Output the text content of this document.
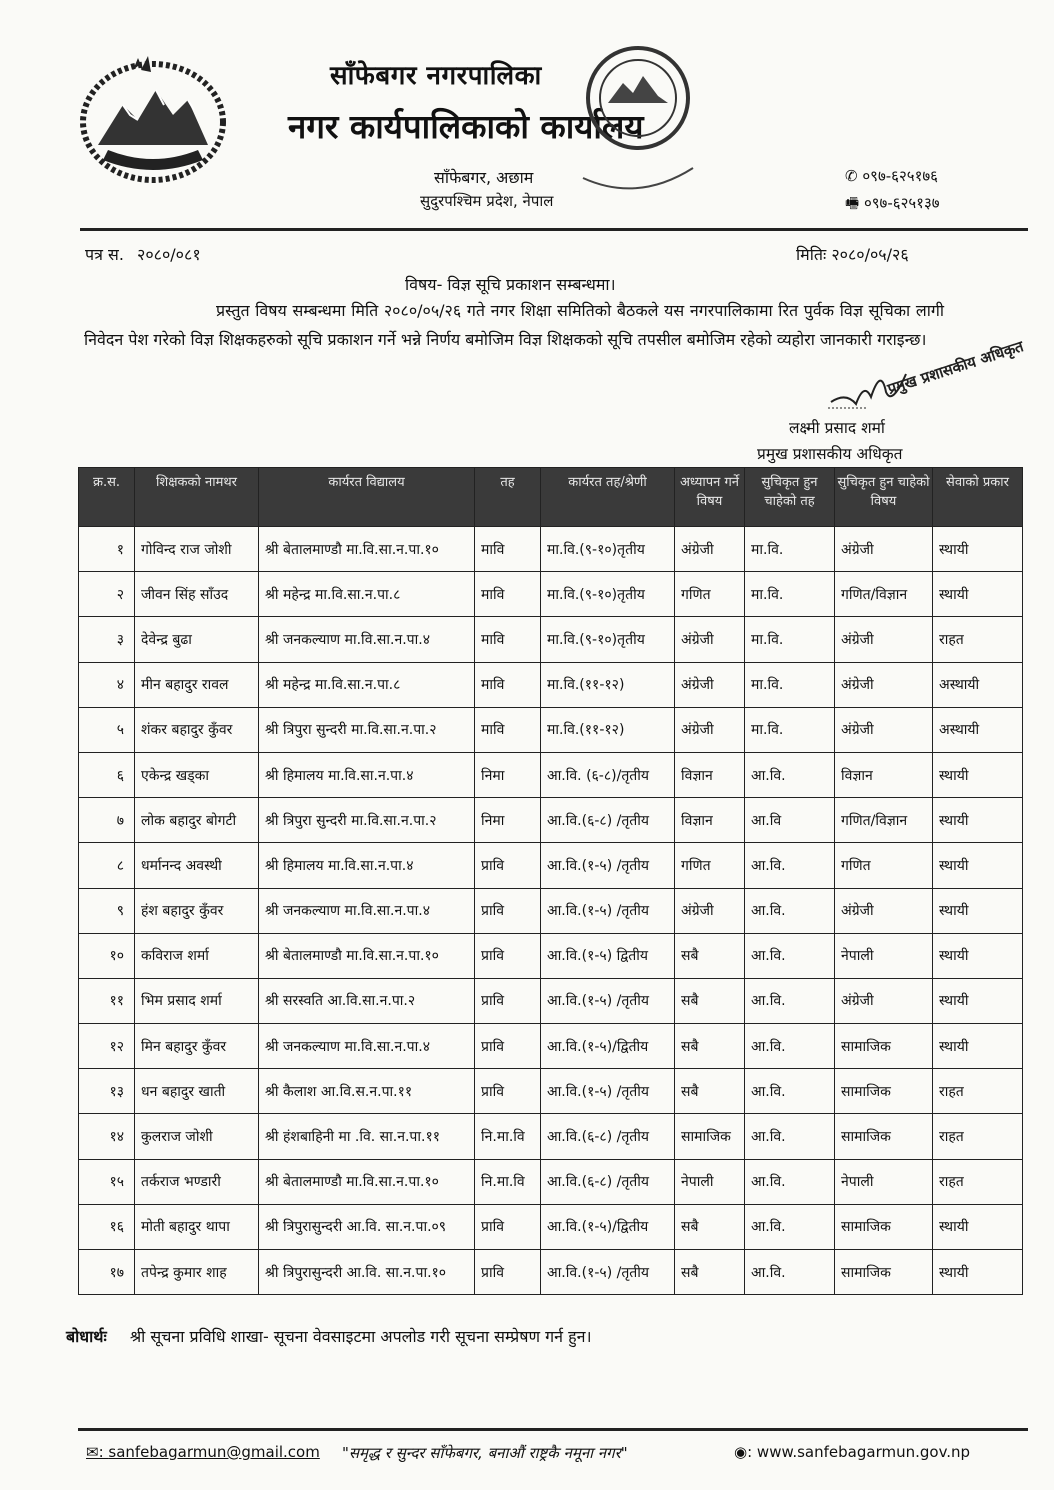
साँफेबगर नगरपालिका
नगर कार्यपालिकाको कार्यालय
साँफेबगर, अछाम
सुदुरपश्चिम प्रदेश, नेपाल
✆ ०९७-६२५१७६
🖷 ०९७-६२५१३७
पत्र स. २०८०/०८१	मितिः २०८०/०५/२६
विषय- विज्ञ सूचि प्रकाशन सम्बन्धमा।
प्रस्तुत विषय सम्बन्धमा मिति २०८०/०५/२६ गते नगर शिक्षा समितिको बैठकले यस नगरपालिकामा रित पुर्वक विज्ञ सूचिका लागी निवेदन पेश गरेको विज्ञ शिक्षकहरुको सूचि प्रकाशन गर्ने भन्ने निर्णय बमोजिम विज्ञ शिक्षकको सूचि तपसील बमोजिम रहेको व्यहोरा जानकारी गराइन्छ।
लक्ष्मी प्रसाद शर्मा
प्रमुख प्रशासकीय अधिकृत
प्रमुख प्रशासकीय अधिकृत
क्र.स.	शिक्षकको नामथर	कार्यरत विद्यालय	तह	कार्यरत तह/श्रेणी	अध्यापन गर्ने विषय	सुचिकृत हुन चाहेको तह	सुचिकृत हुन चाहेको विषय	सेवाको प्रकार
१	गोविन्द राज जोशी	श्री बेतालमाण्डौ मा.वि.सा.न.पा.१०	मावि	मा.वि.(९-१०)तृतीय	अंग्रेजी	मा.वि.	अंग्रेजी	स्थायी
२	जीवन सिंह साँउद	श्री महेन्द्र मा.वि.सा.न.पा.८	मावि	मा.वि.(९-१०)तृतीय	गणित	मा.वि.	गणित/विज्ञान	स्थायी
३	देवेन्द्र बुढा	श्री जनकल्याण मा.वि.सा.न.पा.४	मावि	मा.वि.(९-१०)तृतीय	अंग्रेजी	मा.वि.	अंग्रेजी	राहत
४	मीन बहादुर रावल	श्री महेन्द्र मा.वि.सा.न.पा.८	मावि	मा.वि.(११-१२)	अंग्रेजी	मा.वि.	अंग्रेजी	अस्थायी
५	शंकर बहादुर कुँवर	श्री त्रिपुरा सुन्दरी मा.वि.सा.न.पा.२	मावि	मा.वि.(११-१२)	अंग्रेजी	मा.वि.	अंग्रेजी	अस्थायी
६	एकेन्द्र खड्का	श्री हिमालय मा.वि.सा.न.पा.४	निमा	आ.वि. (६-८)/तृतीय	विज्ञान	आ.वि.	विज्ञान	स्थायी
७	लोक बहादुर बोगटी	श्री त्रिपुरा सुन्दरी मा.वि.सा.न.पा.२	निमा	आ.वि.(६-८) /तृतीय	विज्ञान	आ.वि	गणित/विज्ञान	स्थायी
८	धर्मानन्द अवस्थी	श्री हिमालय मा.वि.सा.न.पा.४	प्रावि	आ.वि.(१-५) /तृतीय	गणित	आ.वि.	गणित	स्थायी
९	हंश बहादुर कुँवर	श्री जनकल्याण मा.वि.सा.न.पा.४	प्रावि	आ.वि.(१-५) /तृतीय	अंग्रेजी	आ.वि.	अंग्रेजी	स्थायी
१०	कविराज शर्मा	श्री बेतालमाण्डौ मा.वि.सा.न.पा.१०	प्रावि	आ.वि.(१-५) द्वितीय	सबै	आ.वि.	नेपाली	स्थायी
११	भिम प्रसाद शर्मा	श्री सरस्वति आ.वि.सा.न.पा.२	प्रावि	आ.वि.(१-५) /तृतीय	सबै	आ.वि.	अंग्रेजी	स्थायी
१२	मिन बहादुर कुँवर	श्री जनकल्याण मा.वि.सा.न.पा.४	प्रावि	आ.वि.(१-५)/द्वितीय	सबै	आ.वि.	सामाजिक	स्थायी
१३	धन बहादुर खाती	श्री कैलाश आ.वि.स.न.पा.११	प्रावि	आ.वि.(१-५) /तृतीय	सबै	आ.वि.	सामाजिक	राहत
१४	कुलराज जोशी	श्री हंशबाहिनी मा .वि. सा.न.पा.११	नि.मा.वि	आ.वि.(६-८) /तृतीय	सामाजिक	आ.वि.	सामाजिक	राहत
१५	तर्कराज भण्डारी	श्री बेतालमाण्डौ मा.वि.सा.न.पा.१०	नि.मा.वि	आ.वि.(६-८) /तृतीय	नेपाली	आ.वि.	नेपाली	राहत
१६	मोती बहादुर थापा	श्री त्रिपुरासुन्दरी आ.वि. सा.न.पा.०९	प्रावि	आ.वि.(१-५)/द्वितीय	सबै	आ.वि.	सामाजिक	स्थायी
१७	तपेन्द्र कुमार शाह	श्री त्रिपुरासुन्दरी आ.वि. सा.न.पा.१०	प्रावि	आ.वि.(१-५) /तृतीय	सबै	आ.वि.	सामाजिक	स्थायी
बोधार्थः श्री सूचना प्रविधि शाखा- सूचना वेवसाइटमा अपलोड गरी सूचना सम्प्रेषण गर्न हुन।
✉: sanfebagarmun@gmail.com "समृद्ध र सुन्दर साँफेबगर, बनाऔं राष्ट्रकै नमूना नगर"	◉: www.sanfebagarmun.gov.np
